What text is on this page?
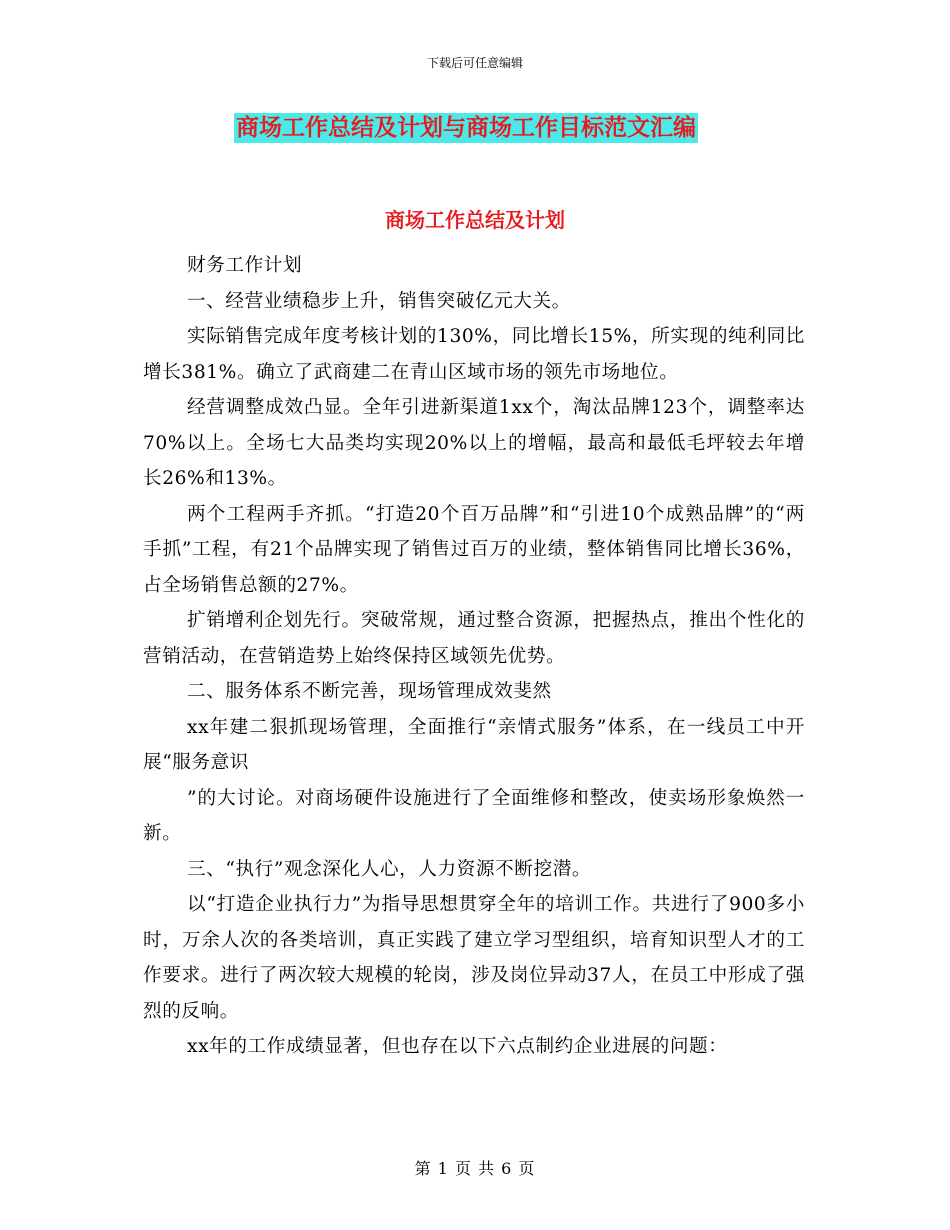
下载后可任意编辑
商场工作总结及计划与商场工作目标范文汇编
商场工作总结及计划

财务工作计划

一、经营业绩稳步上升，销售突破亿元大关。

实际销售完成年度考核计划的130%，同比增长15%，所实现的纯利同比增长381%。确立了武商建二在青山区域市场的领先市场地位。

经营调整成效凸显。全年引进新渠道1xx个，淘汰品牌123个，调整率达70%以上。全场七大品类均实现20%以上的增幅，最高和最低毛坪较去年增长26%和13%。

两个工程两手齐抓。“打造20个百万品牌”和“引进10个成熟品牌”的“两手抓”工程，有21个品牌实现了销售过百万的业绩，整体销售同比增长36%，占全场销售总额的27%。

扩销增利企划先行。突破常规，通过整合资源，把握热点，推出个性化的营销活动，在营销造势上始终保持区域领先优势。

二、服务体系不断完善，现场管理成效斐然

xx年建二狠抓现场管理，全面推行“亲情式服务”体系，在一线员工中开展“服务意识

”的大讨论。对商场硬件设施进行了全面维修和整改，使卖场形象焕然一新。

三、“执行”观念深化人心，人力资源不断挖潜。

以“打造企业执行力”为指导思想贯穿全年的培训工作。共进行了900多小时，万余人次的各类培训，真正实践了建立学习型组织，培育知识型人才的工作要求。进行了两次较大规模的轮岗，涉及岗位异动37人，在员工中形成了强烈的反响。

xx年的工作成绩显著，但也存在以下六点制约企业进展的问题：

第 1 页 共 6 页
